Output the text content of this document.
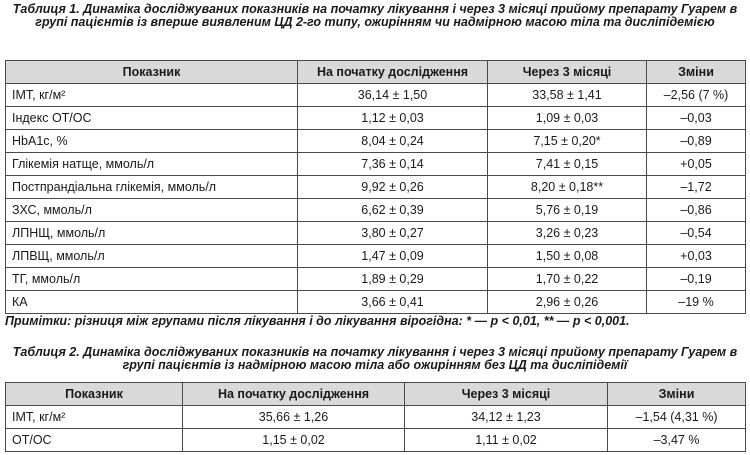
Таблиця 1. Динаміка досліджуваних показників на початку лікування і через 3 місяці прийому препарату Гуарем в групі пацієнтів із вперше виявленим ЦД 2-го типу, ожирінням чи надмірною масою тіла та дисліпідемією

Показник	На початку дослідження	Через 3 місяці	Зміни
ІМТ, кг/м²	36,14 ± 1,50	33,58 ± 1,41	–2,56 (7 %)
Індекс ОТ/ОС	1,12 ± 0,03	1,09 ± 0,03	–0,03
HbA1c, %	8,04 ± 0,24	7,15 ± 0,20*	–0,89
Глікемія натще, ммоль/л	7,36 ± 0,14	7,41 ± 0,15	+0,05
Постпрандіальна глікемія, ммоль/л	9,92 ± 0,26	8,20 ± 0,18**	–1,72
ЗХС, ммоль/л	6,62 ± 0,39	5,76 ± 0,19	–0,86
ЛПНЩ, ммоль/л	3,80 ± 0,27	3,26 ± 0,23	–0,54
ЛПВЩ, ммоль/л	1,47 ± 0,09	1,50 ± 0,08	+0,03
ТГ, ммоль/л	1,89 ± 0,29	1,70 ± 0,22	–0,19
КА	3,66 ± 0,41	2,96 ± 0,26	–19 %
Примітки: різниця між групами після лікування і до лікування вірогідна: * — p < 0,01, ** — p < 0,001.

Таблиця 2. Динаміка досліджуваних показників на початку лікування і через 3 місяці прийому препарату Гуарем в групі пацієнтів із надмірною масою тіла або ожирінням без ЦД та дисліпідемії

Показник	На початку дослідження	Через 3 місяці	Зміни
ІМТ, кг/м²	35,66 ± 1,26	34,12 ± 1,23	–1,54 (4,31 %)
ОТ/ОС	1,15 ± 0,02	1,11 ± 0,02	–3,47 %
